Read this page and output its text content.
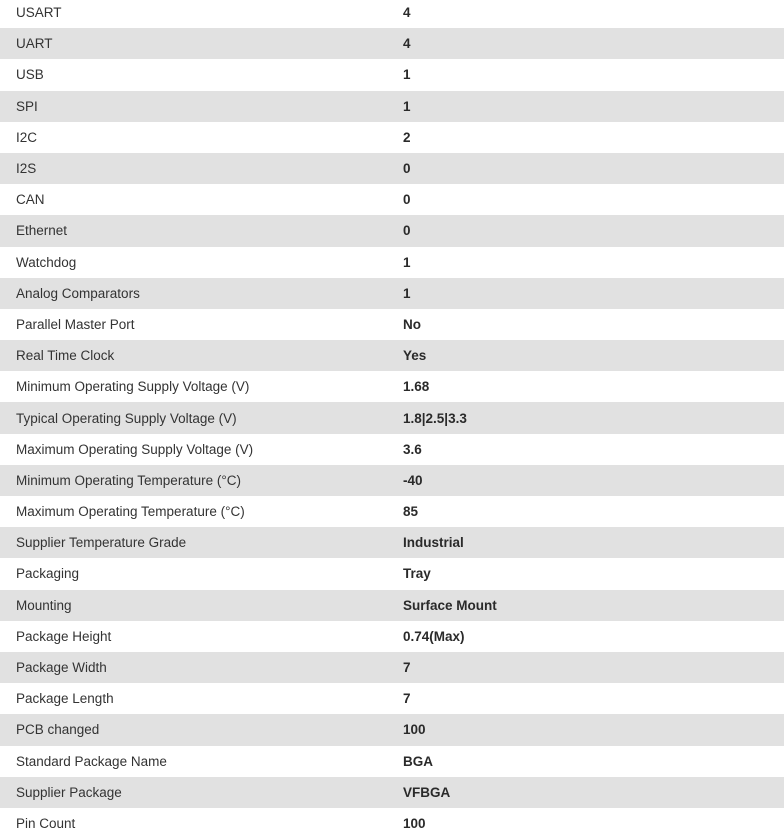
USART	4
UART	4
USB	1
SPI	1
I2C	2
I2S	0
CAN	0
Ethernet	0
Watchdog	1
Analog Comparators	1
Parallel Master Port	No
Real Time Clock	Yes
Minimum Operating Supply Voltage (V)	1.68
Typical Operating Supply Voltage (V)	1.8|2.5|3.3
Maximum Operating Supply Voltage (V)	3.6
Minimum Operating Temperature (°C)	-40
Maximum Operating Temperature (°C)	85
Supplier Temperature Grade	Industrial
Packaging	Tray
Mounting	Surface Mount
Package Height	0.74(Max)
Package Width	7
Package Length	7
PCB changed	100
Standard Package Name	BGA
Supplier Package	VFBGA
Pin Count	100
